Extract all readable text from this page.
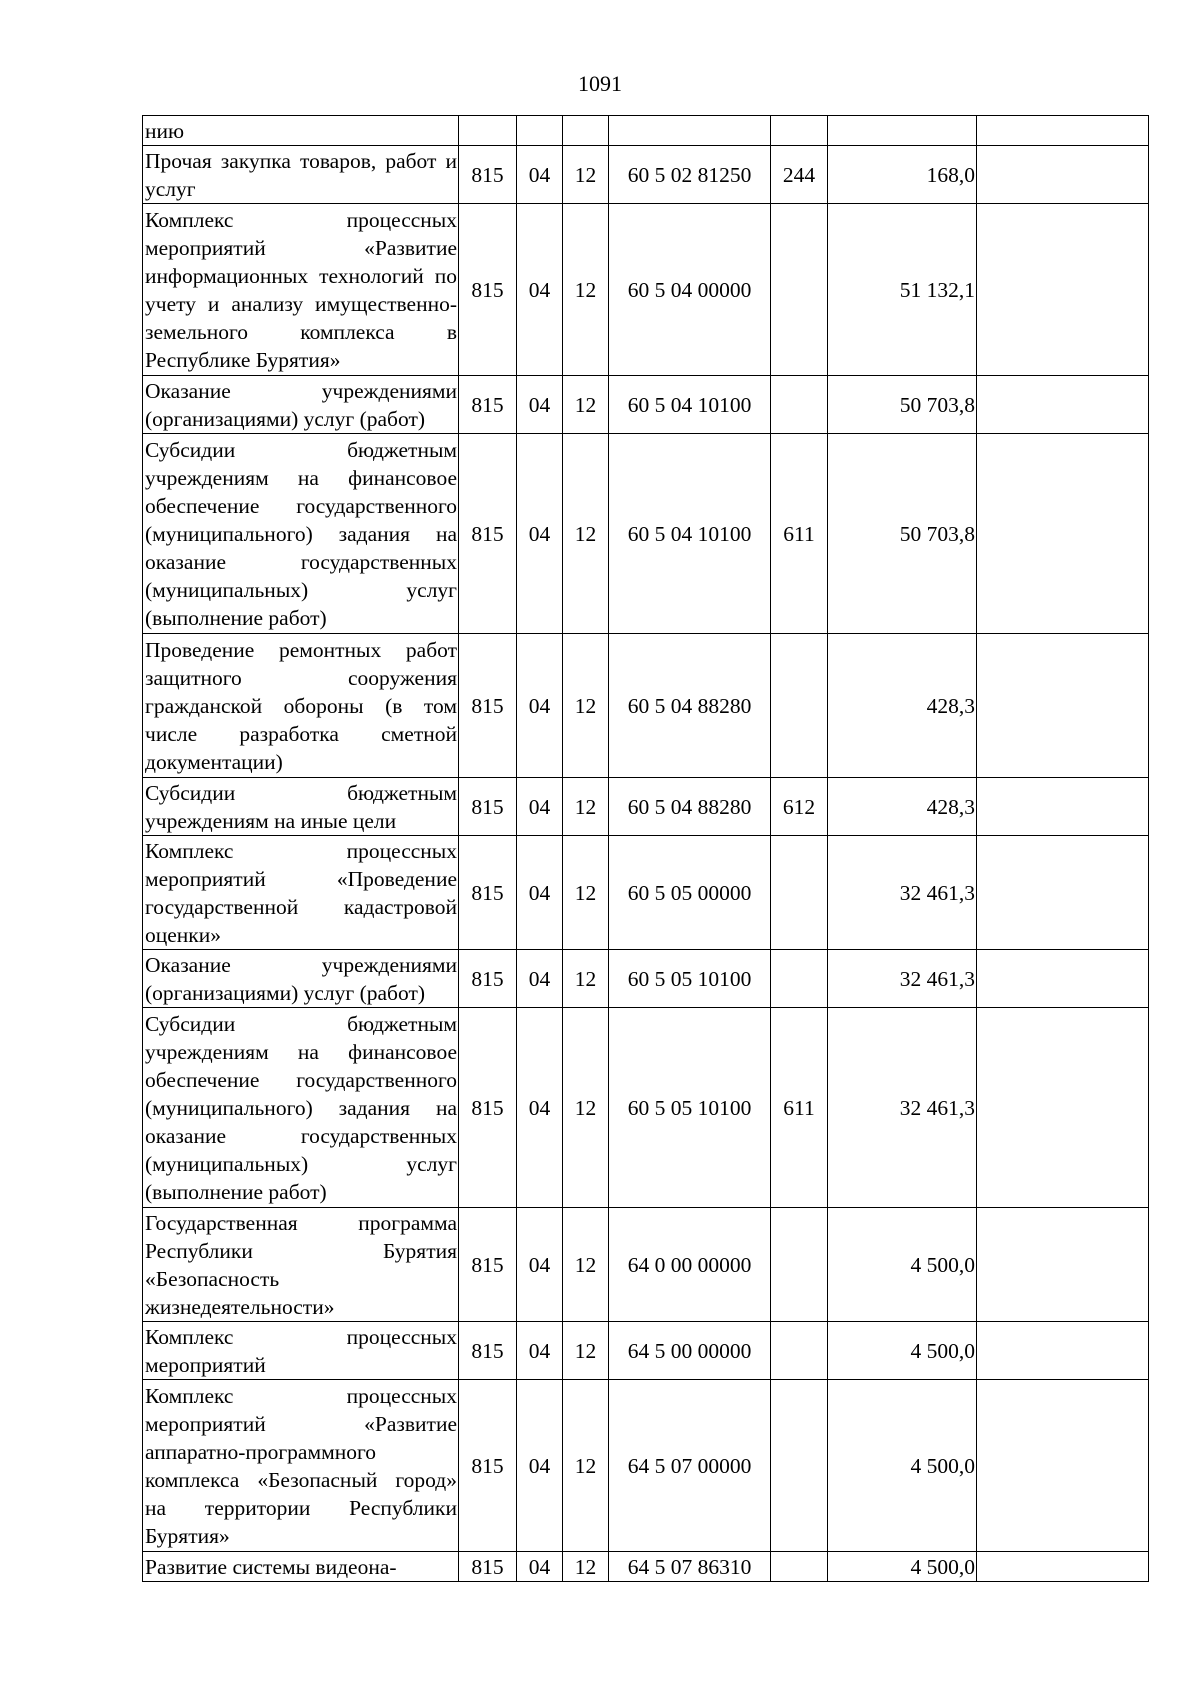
1091
нию							
Прочая закупка товаров, работ и услуг	815	04	12	60 5 02 81250	244	168,0	
Комплекс процессных мероприятий «Развитие информационных технологий по учету и анализу имущественно-земельного комплекса в Республике Бурятия»	815	04	12	60 5 04 00000		51 132,1	
Оказание учреждениями (организациями) услуг (работ)	815	04	12	60 5 04 10100		50 703,8	
Субсидии бюджетным учреждениям на финансовое обеспечение государственного (муниципального) задания на оказание государственных (муниципальных) услуг (выполнение работ)	815	04	12	60 5 04 10100	611	50 703,8	
Проведение ремонтных работ защитного сооружения гражданской обороны (в том числе разработка сметной документации)	815	04	12	60 5 04 88280		428,3	
Субсидии бюджетным учреждениям на иные цели	815	04	12	60 5 04 88280	612	428,3	
Комплекс процессных мероприятий «Проведение государственной кадастровой оценки»	815	04	12	60 5 05 00000		32 461,3	
Оказание учреждениями (организациями) услуг (работ)	815	04	12	60 5 05 10100		32 461,3	
Субсидии бюджетным учреждениям на финансовое обеспечение государственного (муниципального) задания на оказание государственных (муниципальных) услуг (выполнение работ)	815	04	12	60 5 05 10100	611	32 461,3	
Государственная программа Республики Бурятия «Безопасность жизнедеятельности»	815	04	12	64 0 00 00000		4 500,0	
Комплекс процессных мероприятий	815	04	12	64 5 00 00000		4 500,0	
Комплекс процессных мероприятий «Развитие аппаратно-программного комплекса «Безопасный город» на территории Республики Бурятия»	815	04	12	64 5 07 00000		4 500,0	
Развитие системы видеона-	815	04	12	64 5 07 86310		4 500,0	
